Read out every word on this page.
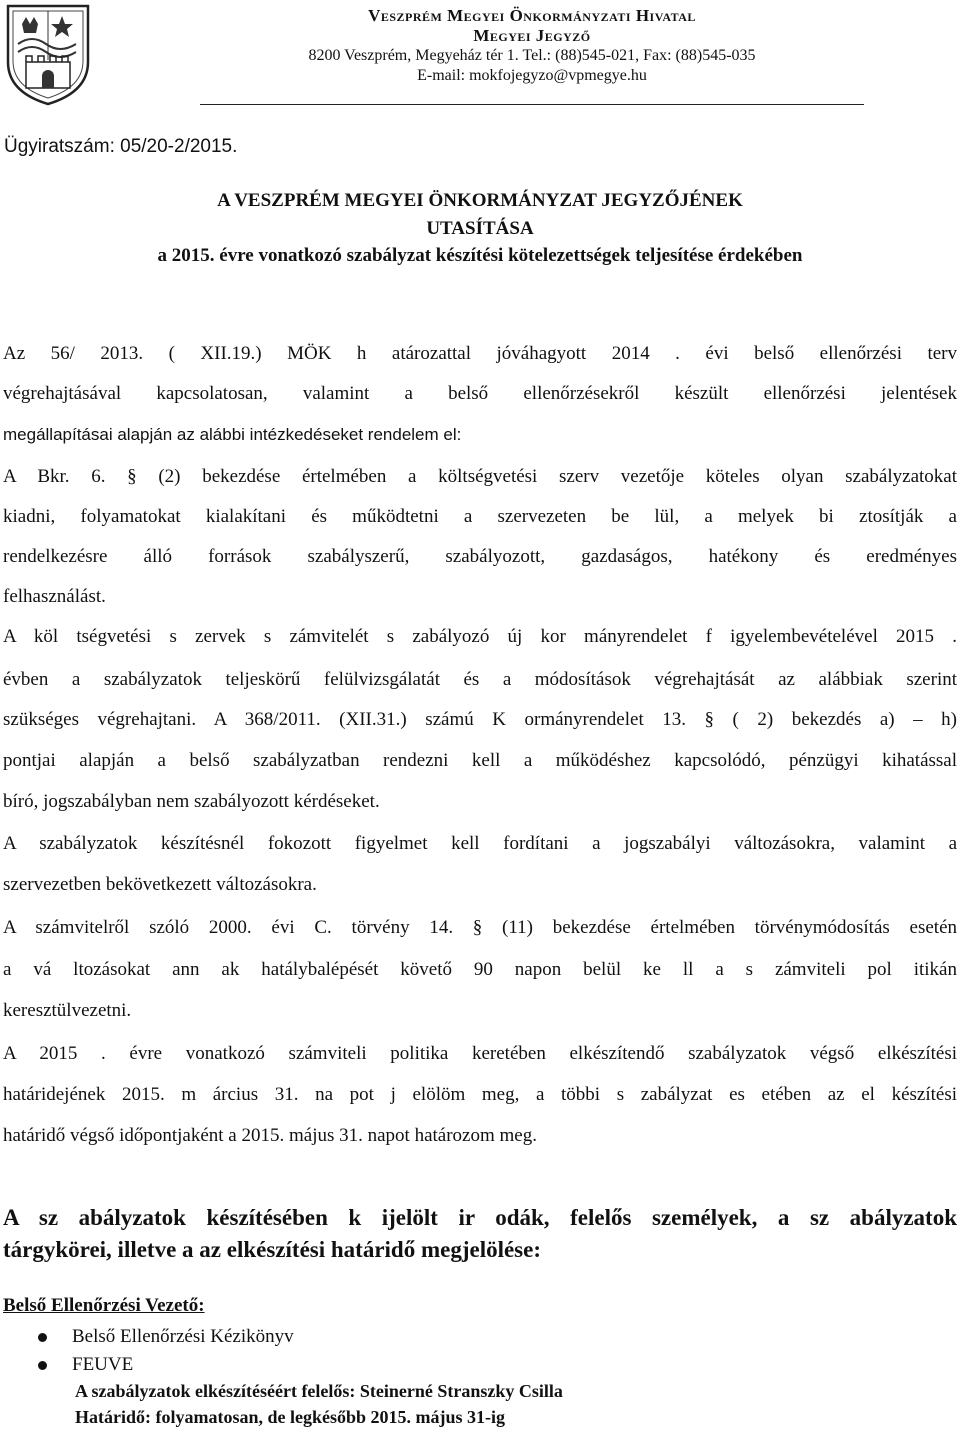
Veszprém Megyei Önkormányzati Hivatal
Megyei Jegyző
8200 Veszprém, Megyeház tér 1. Tel.: (88)545-021, Fax: (88)545-035
E-mail: mokfojegyzo@vpmegye.hu
Ügyiratszám: 05/20-2/2015.
A VESZPRÉM MEGYEI ÖNKORMÁNYZAT JEGYZŐJÉNEK
UTASÍTÁSA
a 2015. évre vonatkozó szabályzat készítési kötelezettségek teljesítése érdekében
Az 56/ 2013. ( XII.19.) MÖK h atározattal jóváhagyott 2014 . évi belső ellenőrzési terv
végrehajtásával kapcsolatosan, valamint a belső ellenőrzésekről készült ellenőrzési jelentések
megállapításai alapján az alábbi intézkedéseket rendelem el:
A Bkr. 6. § (2) bekezdése értelmében a költségvetési szerv vezetője köteles olyan szabályzatokat
kiadni, folyamatokat kialakítani és működtetni a szervezeten be lül, a melyek bi ztosítják a
rendelkezésre álló források szabályszerű, szabályozott, gazdaságos, hatékony és eredményes
felhasználást.
A köl tségvetési s zervek s zámvitelét s zabályozó új kor mányrendelet f igyelembevételével 2015 .
évben a szabályzatok teljeskörű felülvizsgálatát és a módosítások végrehajtását az alábbiak szerint
szükséges végrehajtani. A 368/2011. (XII.31.) számú K ormányrendelet 13. § ( 2) bekezdés a) – h)
pontjai alapján a belső szabályzatban rendezni kell a működéshez kapcsolódó, pénzügyi kihatással
bíró, jogszabályban nem szabályozott kérdéseket.
A szabályzatok készítésnél fokozott figyelmet kell fordítani a jogszabályi változásokra, valamint a
szervezetben bekövetkezett változásokra.
A számvitelről szóló 2000. évi C. törvény 14. § (11) bekezdése értelmében törvénymódosítás esetén
a vá ltozásokat ann ak hatálybalépését követő 90 napon belül ke ll a s zámviteli pol itikán
keresztülvezetni.
A 2015 . évre vonatkozó számviteli politika keretében elkészítendő szabályzatok végső elkészítési
határidejének 2015. m árcius 31. na pot j elölöm meg, a többi s zabályzat es etében az el készítési
határidő végső időpontjaként a 2015. május 31. napot határozom meg.
A sz abályzatok készítésében k ijelölt ir odák, felelős személyek, a sz abályzatok
tárgykörei, illetve a az elkészítési határidő megjelölése:
Belső Ellenőrzési Vezető:
Belső Ellenőrzési Kézikönyv
FEUVE
A szabályzatok elkészítéséért felelős: Steinerné Stranszky Csilla
Határidő: folyamatosan, de legkésőbb 2015. május 31-ig
